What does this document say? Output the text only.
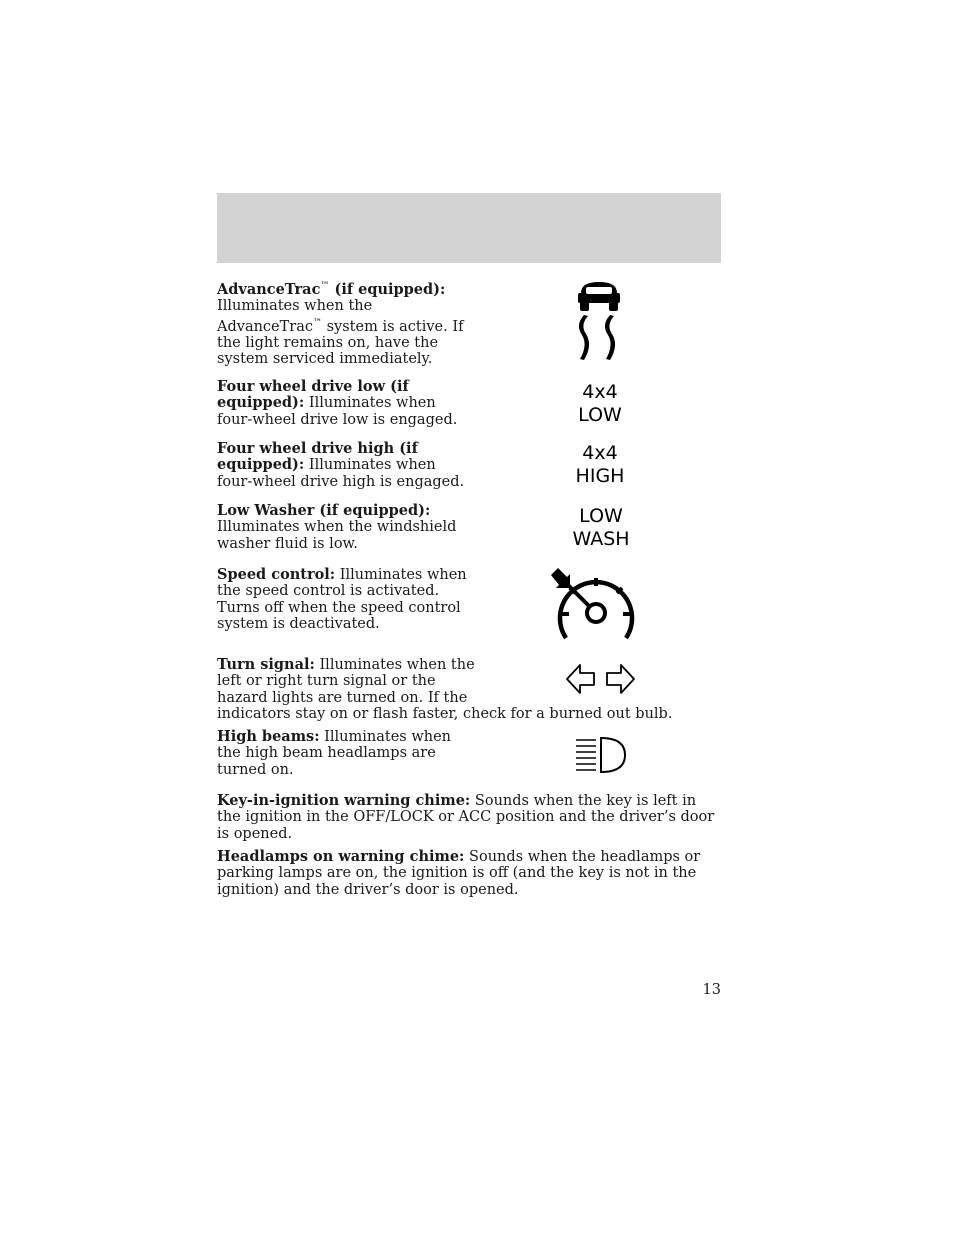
AdvanceTrac™ (if equipped):
Illuminates when the AdvanceTrac™ system is active. If the light remains on, have the system serviced immediately.
Four wheel drive low (if equipped): Illuminates when four-wheel drive low is engaged.
4x4
LOW
Four wheel drive high (if equipped): Illuminates when four-wheel drive high is engaged.
4x4
HIGH
Low Washer (if equipped): Illuminates when the windshield washer fluid is low.
LOW
WASH
Speed control: Illuminates when the speed control is activated. Turns off when the speed control system is deactivated.
Turn signal: Illuminates when the
left or right turn signal or the
hazard lights are turned on. If the
indicators stay on or flash faster, check for a burned out bulb.
High beams: Illuminates when the high beam headlamps are turned on.
Key-in-ignition warning chime: Sounds when the key is left in the ignition in the OFF/LOCK or ACC position and the driver’s door is opened.
Headlamps on warning chime: Sounds when the headlamps or parking lamps are on, the ignition is off (and the key is not in the ignition) and the driver’s door is opened.
13
